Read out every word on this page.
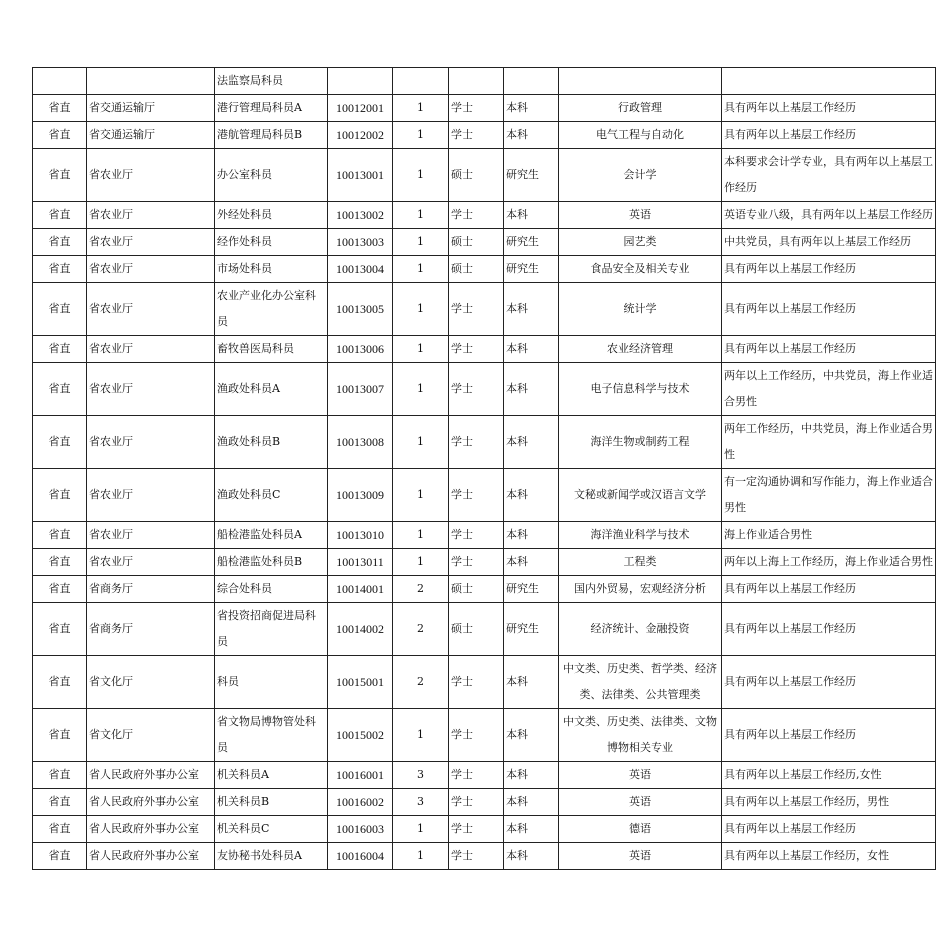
		法监察局科员						
省直	省交通运输厅	港行管理局科员A	10012001	1	学士	本科	行政管理	具有两年以上基层工作经历
省直	省交通运输厅	港航管理局科员B	10012002	1	学士	本科	电气工程与自动化	具有两年以上基层工作经历
省直	省农业厅	办公室科员	10013001	1	硕士	研究生	会计学	本科要求会计学专业，具有两年以上基层工作经历
省直	省农业厅	外经处科员	10013002	1	学士	本科	英语	英语专业八级，具有两年以上基层工作经历
省直	省农业厅	经作处科员	10013003	1	硕士	研究生	园艺类	中共党员，具有两年以上基层工作经历
省直	省农业厅	市场处科员	10013004	1	硕士	研究生	食品安全及相关专业	具有两年以上基层工作经历
省直	省农业厅	农业产业化办公室科员	10013005	1	学士	本科	统计学	具有两年以上基层工作经历
省直	省农业厅	畜牧兽医局科员	10013006	1	学士	本科	农业经济管理	具有两年以上基层工作经历
省直	省农业厅	渔政处科员A	10013007	1	学士	本科	电子信息科学与技术	两年以上工作经历，中共党员，海上作业适合男性
省直	省农业厅	渔政处科员B	10013008	1	学士	本科	海洋生物或制药工程	两年工作经历，中共党员，海上作业适合男性
省直	省农业厅	渔政处科员C	10013009	1	学士	本科	文秘或新闻学或汉语言文学	有一定沟通协调和写作能力，海上作业适合男性
省直	省农业厅	船检港监处科员A	10013010	1	学士	本科	海洋渔业科学与技术	海上作业适合男性
省直	省农业厅	船检港监处科员B	10013011	1	学士	本科	工程类	两年以上海上工作经历，海上作业适合男性
省直	省商务厅	综合处科员	10014001	2	硕士	研究生	国内外贸易，宏观经济分析	具有两年以上基层工作经历
省直	省商务厅	省投资招商促进局科员	10014002	2	硕士	研究生	经济统计、金融投资	具有两年以上基层工作经历
省直	省文化厅	科员	10015001	2	学士	本科	中文类、历史类、哲学类、经济类、法律类、公共管理类	具有两年以上基层工作经历
省直	省文化厅	省文物局博物管处科员	10015002	1	学士	本科	中文类、历史类、法律类、文物博物相关专业	具有两年以上基层工作经历
省直	省人民政府外事办公室	机关科员A	10016001	3	学士	本科	英语	具有两年以上基层工作经历,女性
省直	省人民政府外事办公室	机关科员B	10016002	3	学士	本科	英语	具有两年以上基层工作经历，男性
省直	省人民政府外事办公室	机关科员C	10016003	1	学士	本科	德语	具有两年以上基层工作经历
省直	省人民政府外事办公室	友协秘书处科员A	10016004	1	学士	本科	英语	具有两年以上基层工作经历，女性
